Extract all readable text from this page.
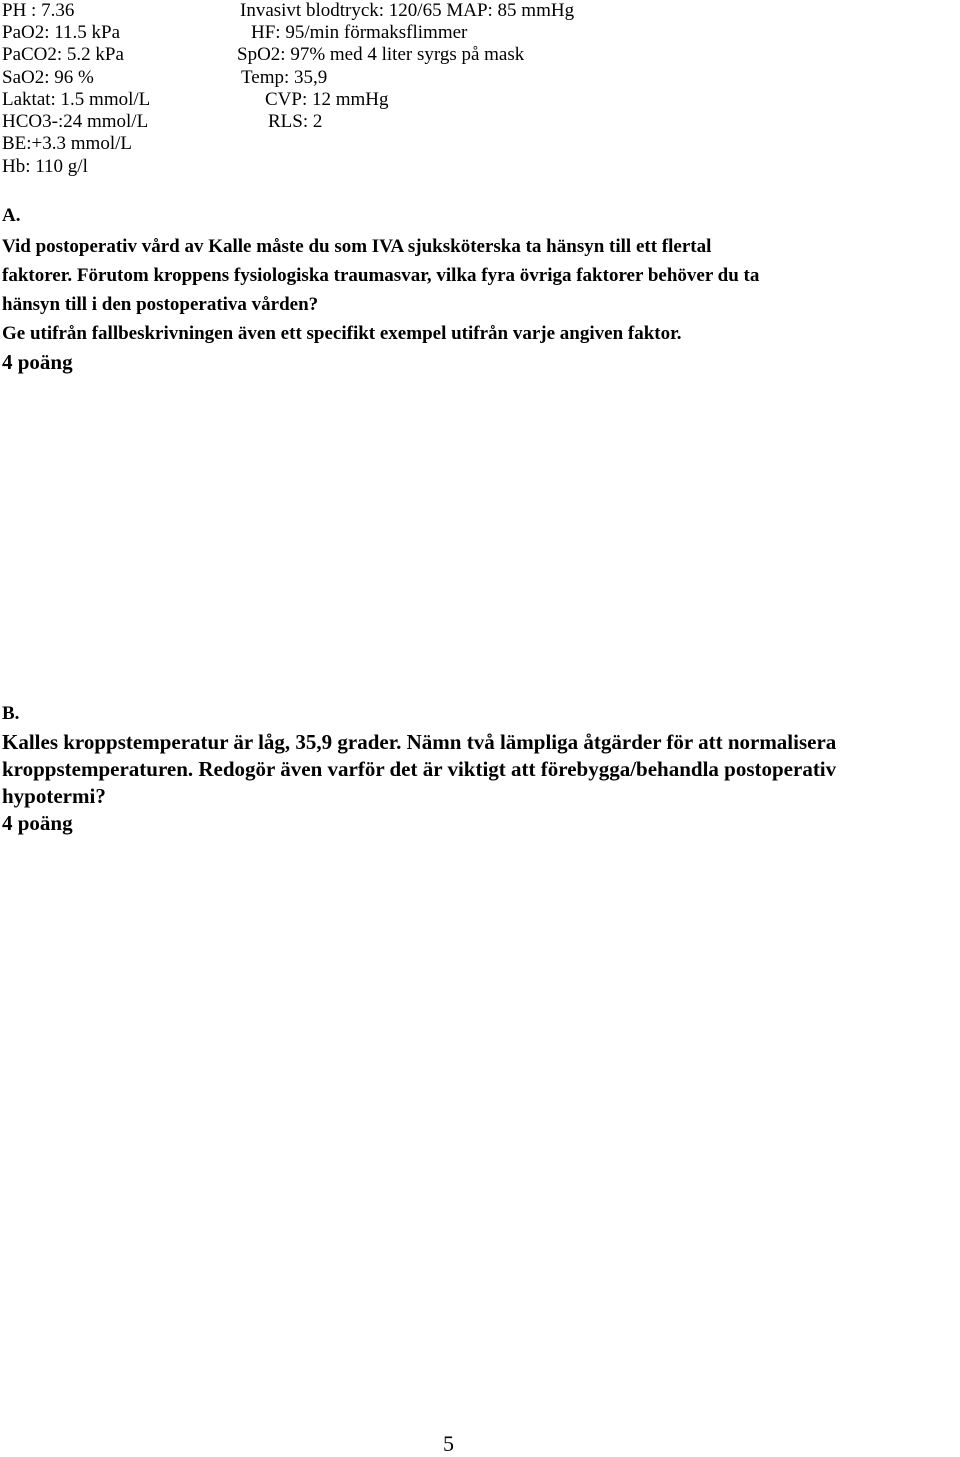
PH : 7.36	Invasivt blodtryck: 120/65 MAP: 85 mmHg
PaO2: 11.5 kPa	HF: 95/min förmaksflimmer
PaCO2: 5.2 kPa	SpO2: 97% med 4 liter syrgs på mask
SaO2: 96 %	Temp: 35,9
Laktat: 1.5 mmol/L	CVP: 12 mmHg
HCO3-:24 mmol/L	RLS: 2
BE:+3.3 mmol/L
Hb: 110 g/l
A.
Vid postoperativ vård av Kalle måste du som IVA sjuksköterska ta hänsyn till ett flertal
faktorer. Förutom kroppens fysiologiska traumasvar, vilka fyra övriga faktorer behöver du ta
hänsyn till i den postoperativa vården?
Ge utifrån fallbeskrivningen även ett specifikt exempel utifrån varje angiven faktor.
4 poäng
B.
Kalles kroppstemperatur är låg, 35,9 grader. Nämn två lämpliga åtgärder för att normalisera
kroppstemperaturen. Redogör även varför det är viktigt att förebygga/behandla postoperativ
hypotermi?
4 poäng
5
